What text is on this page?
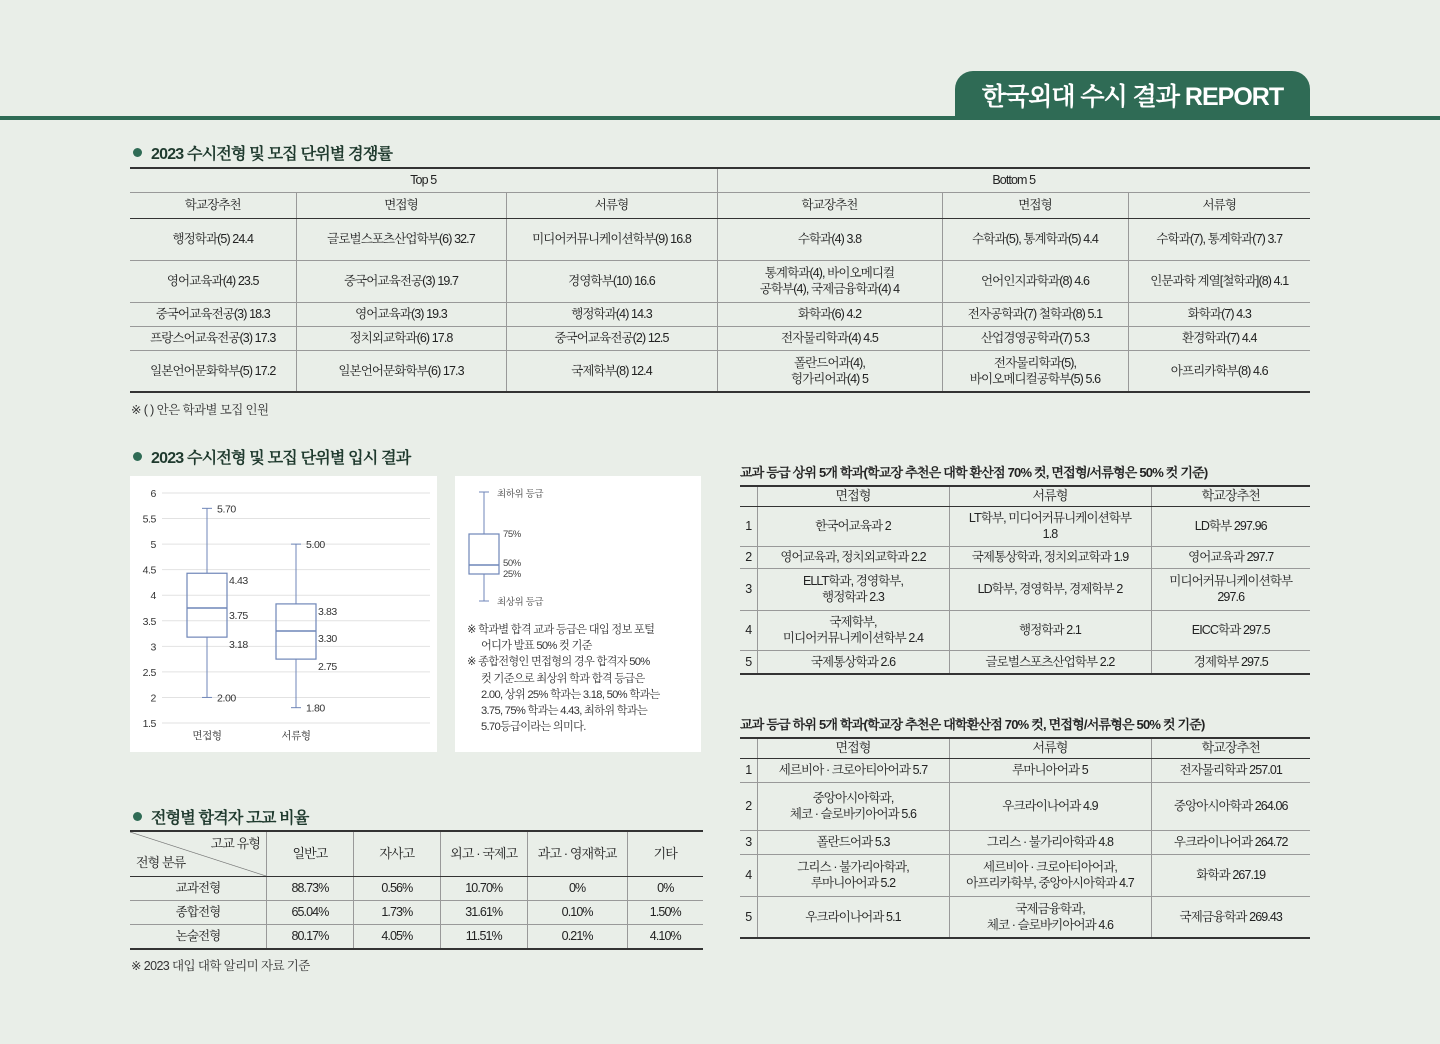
한국외대 수시 결과 REPORT
2023 수시전형 및 모집 단위별 경쟁률
Top 5			Bottom 5		
학교장추천	면접형	서류형	학교장추천	면접형	서류형
행정학과(5) 24.4	글로벌스포츠산업학부(6) 32.7	미디어커뮤니케이션학부(9) 16.8	수학과(4) 3.8	수학과(5), 통계학과(5) 4.4	수학과(7), 통계학과(7) 3.7
영어교육과(4) 23.5	중국어교육전공(3) 19.7	경영학부(10) 16.6	통계학과(4), 바이오메디컬
공학부(4), 국제금융학과(4) 4	언어인지과학과(8) 4.6	인문과학 계열[철학과](8) 4.1
중국어교육전공(3) 18.3	영어교육과(3) 19.3	행정학과(4) 14.3	화학과(6) 4.2	전자공학과(7) 철학과(8) 5.1	화학과(7) 4.3
프랑스어교육전공(3) 17.3	정치외교학과(6) 17.8	중국어교육전공(2) 12.5	전자물리학과(4) 4.5	산업경영공학과(7) 5.3	환경학과(7) 4.4
일본언어문화학부(5) 17.2	일본언어문화학부(6) 17.3	국제학부(8) 12.4	폴란드어과(4),
헝가리어과(4) 5	전자물리학과(5),
바이오메디컬공학부(5) 5.6	아프리카학부(8) 4.6
※ ( ) 안은 학과별 모집 인원
2023 수시전형 및 모집 단위별 입시 결과
1.5
2
2.5
3
3.5
4
4.5
5
5.5
6
5.70
4.43
3.75
3.18
2.00
면접형
5.00
3.83
3.30
2.75
1.80
서류형
최하위 등급
75%
50%
25%
최상위 등급
※ 학과별 합격 교과 등급은 대입 정보 포털
어디가 발표 50% 컷 기준
※ 종합전형인 면접형의 경우 합격자 50%
컷 기준으로 최상위 학과 합격 등급은
2.00, 상위 25% 학과는 3.18, 50% 학과는
3.75, 75% 학과는 4.43, 최하위 학과는
5.70등급이라는 의미다.
전형별 합격자 고교 비율
고교 유형
전형 분류	일반고	자사고	외고 · 국제고	과고 · 영재학교	기타
교과전형	88.73%	0.56%	10.70%	0%	0%
종합전형	65.04%	1.73%	31.61%	0.10%	1.50%
논술전형	80.17%	4.05%	11.51%	0.21%	4.10%
※ 2023 대입 대학 알리미 자료 기준
교과 등급 상위 5개 학과(학교장 추천은 대학 환산점 70% 컷, 면접형/서류형은 50% 컷 기준)
	면접형	서류형	학교장추천
1	한국어교육과 2	LT학부, 미디어커뮤니케이션학부
1.8	LD학부 297.96
2	영어교육과, 정치외교학과 2.2	국제통상학과, 정치외교학과 1.9	영어교육과 297.7
3	ELLT학과, 경영학부,
행정학과 2.3	LD학부, 경영학부, 경제학부 2	미디어커뮤니케이션학부
297.6
4	국제학부,
미디어커뮤니케이션학부 2.4	행정학과 2.1	EICC학과 297.5
5	국제통상학과 2.6	글로벌스포츠산업학부 2.2	경제학부 297.5
교과 등급 하위 5개 학과(학교장 추천은 대학환산점 70% 컷, 면접형/서류형은 50% 컷 기준)
	면접형	서류형	학교장추천
1	세르비아 · 크로아티아어과 5.7	루마니아어과 5	전자물리학과 257.01
2	중앙아시아학과,
체코 · 슬로바키아어과 5.6	우크라이나어과 4.9	중앙아시아학과 264.06
3	폴란드어과 5.3	그리스 · 불가리아학과 4.8	우크라이나어과 264.72
4	그리스 · 불가리아학과,
루마니아어과 5.2	세르비아 · 크로아티아어과,
아프리카학부, 중앙아시아학과 4.7	화학과 267.19
5	우크라이나어과 5.1	국제금융학과,
체코 · 슬로바키아어과 4.6	국제금융학과 269.43
